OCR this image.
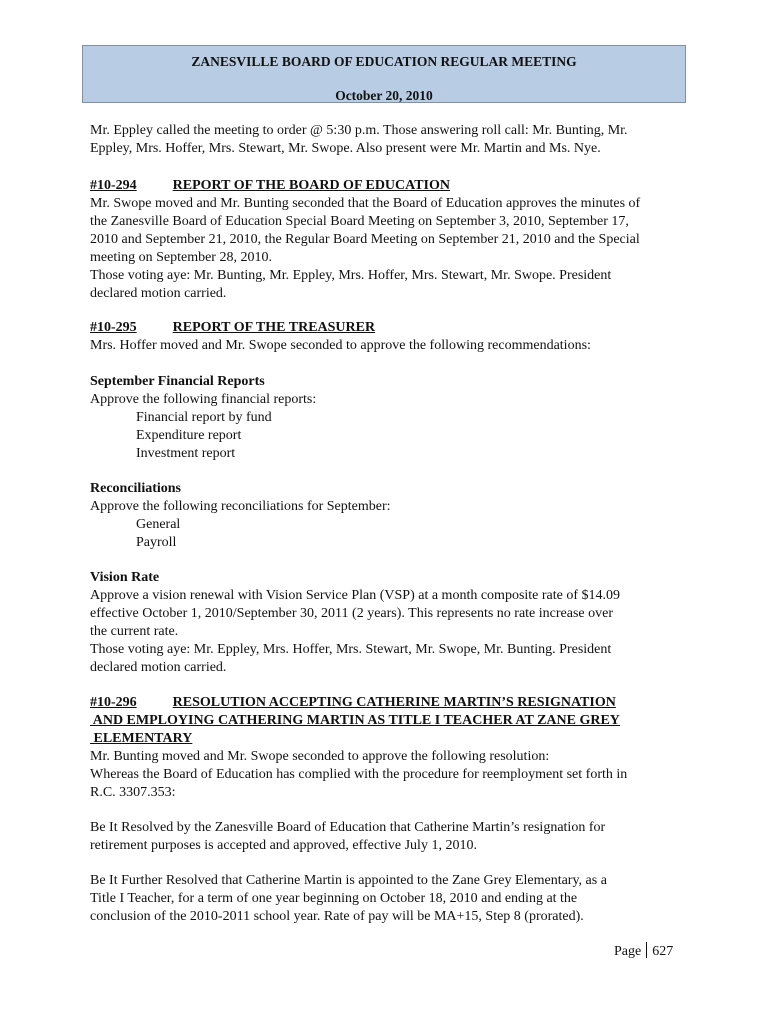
ZANESVILLE BOARD OF EDUCATION REGULAR MEETING
October 20, 2010
Mr. Eppley called the meeting to order @ 5:30 p.m. Those answering roll call: Mr. Bunting, Mr.
Eppley, Mrs. Hoffer, Mrs. Stewart, Mr. Swope. Also present were Mr. Martin and Ms. Nye.
#10-294	REPORT OF THE BOARD OF EDUCATION
Mr. Swope moved and Mr. Bunting seconded that the Board of Education approves the minutes of
the Zanesville Board of Education Special Board Meeting on September 3, 2010, September 17,
2010 and September 21, 2010, the Regular Board Meeting on September 21, 2010 and the Special
meeting on September 28, 2010.
Those voting aye: Mr. Bunting, Mr. Eppley, Mrs. Hoffer, Mrs. Stewart, Mr. Swope. President
declared motion carried.
#10-295	REPORT OF THE TREASURER
Mrs. Hoffer moved and Mr. Swope seconded to approve the following recommendations:
September Financial Reports
Approve the following financial reports:
Financial report by fund
Expenditure report
Investment report
Reconciliations
Approve the following reconciliations for September:
General
Payroll
Vision Rate
Approve a vision renewal with Vision Service Plan (VSP) at a month composite rate of $14.09
effective October 1, 2010/September 30, 2011 (2 years). This represents no rate increase over
the current rate.
Those voting aye: Mr. Eppley, Mrs. Hoffer, Mrs. Stewart, Mr. Swope, Mr. Bunting. President
declared motion carried.
#10-296	RESOLUTION ACCEPTING CATHERINE MARTIN’S RESIGNATION
AND EMPLOYING CATHERING MARTIN AS TITLE I TEACHER AT ZANE GREY
ELEMENTARY
Mr. Bunting moved and Mr. Swope seconded to approve the following resolution:
Whereas the Board of Education has complied with the procedure for reemployment set forth in
R.C. 3307.353:
Be It Resolved by the Zanesville Board of Education that Catherine Martin’s resignation for
retirement purposes is accepted and approved, effective July 1, 2010.
Be It Further Resolved that Catherine Martin is appointed to the Zane Grey Elementary, as a
Title I Teacher, for a term of one year beginning on October 18, 2010 and ending at the
conclusion of the 2010-2011 school year. Rate of pay will be MA+15, Step 8 (prorated).
Page 627
